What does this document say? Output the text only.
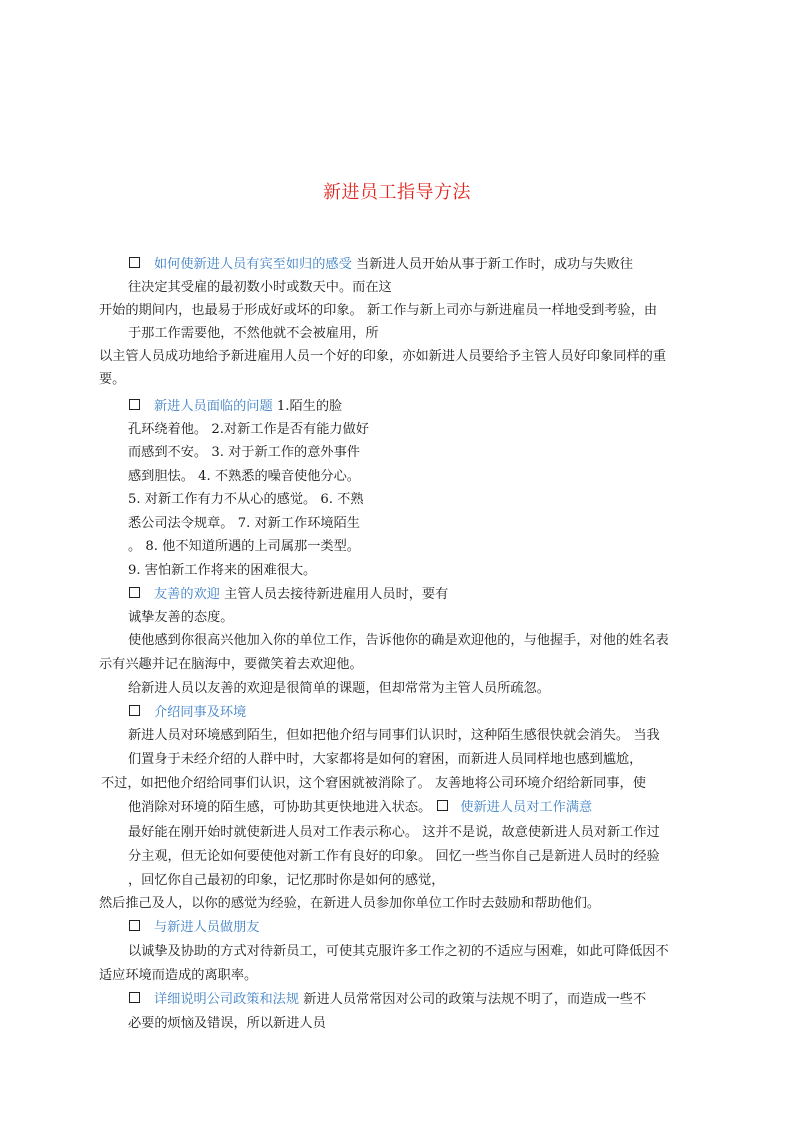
新进员工指导方法
如何使新进人员有宾至如归的感受 当新进人员开始从事于新工作时，成功与失败往
往决定其受雇的最初数小时或数天中。而在这
开始的期间内，也最易于形成好或坏的印象。 新工作与新上司亦与新进雇员一样地受到考验，由
于那工作需要他，不然他就不会被雇用，所
以主管人员成功地给予新进雇用人员一个好的印象，亦如新进人员要给予主管人员好印象同样的重
要。
新进人员面临的问题 1.陌生的脸
孔环绕着他。 2.对新工作是否有能力做好
而感到不安。 3. 对于新工作的意外事件
感到胆怯。 4. 不熟悉的噪音使他分心。
5. 对新工作有力不从心的感觉。 6. 不熟
悉公司法令规章。 7. 对新工作环境陌生
。 8. 他不知道所遇的上司属那一类型。
9. 害怕新工作将来的困难很大。
友善的欢迎 主管人员去接待新进雇用人员时，要有
诚挚友善的态度。
使他感到你很高兴他加入你的单位工作，告诉他你的确是欢迎他的，与他握手，对他的姓名表
示有兴趣并记在脑海中，要微笑着去欢迎他。
给新进人员以友善的欢迎是很简单的课题，但却常常为主管人员所疏忽。
介绍同事及环境
新进人员对环境感到陌生，但如把他介绍与同事们认识时，这种陌生感很快就会消失。 当我
们置身于未经介绍的人群中时，大家都将是如何的窘困，而新进人员同样地也感到尴尬，
不过，如把他介绍给同事们认识，这个窘困就被消除了。 友善地将公司环境介绍给新同事，使
他消除对环境的陌生感，可协助其更快地进入状态。 使新进人员对工作满意
最好能在刚开始时就使新进人员对工作表示称心。 这并不是说，故意使新进人员对新工作过
分主观，但无论如何要使他对新工作有良好的印象。 回忆一些当你自己是新进人员时的经验
，回忆你自己最初的印象，记忆那时你是如何的感觉，
然后推己及人，以你的感觉为经验，在新进人员参加你单位工作时去鼓励和帮助他们。
与新进人员做朋友
以诚挚及协助的方式对待新员工，可使其克服许多工作之初的不适应与困难，如此可降低因不
适应环境而造成的离职率。
详细说明公司政策和法规 新进人员常常因对公司的政策与法规不明了，而造成一些不
必要的烦恼及错误，所以新进人员
